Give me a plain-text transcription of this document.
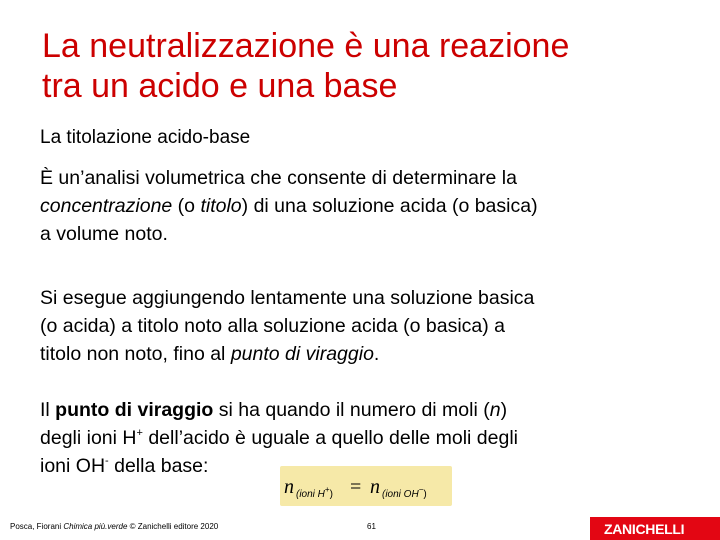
La neutralizzazione è una reazione
tra un acido e una base
La titolazione acido-base
È un’analisi volumetrica che consente di determinare la
concentrazione (o titolo) di una soluzione acida (o basica)
a volume noto.
Si esegue aggiungendo lentamente una soluzione basica
(o acida) a titolo noto alla soluzione acida (o basica) a
titolo non noto, fino al punto di viraggio.
Il punto di viraggio si ha quando il numero di moli (n)
degli ioni H+ dell’acido è uguale a quello delle moli degli
ioni OH- della base:
n (ioni H+) = n (ioni OH−)
Posca, Fiorani Chimica più.verde © Zanichelli editore 2020	61	ZANICHELLI
